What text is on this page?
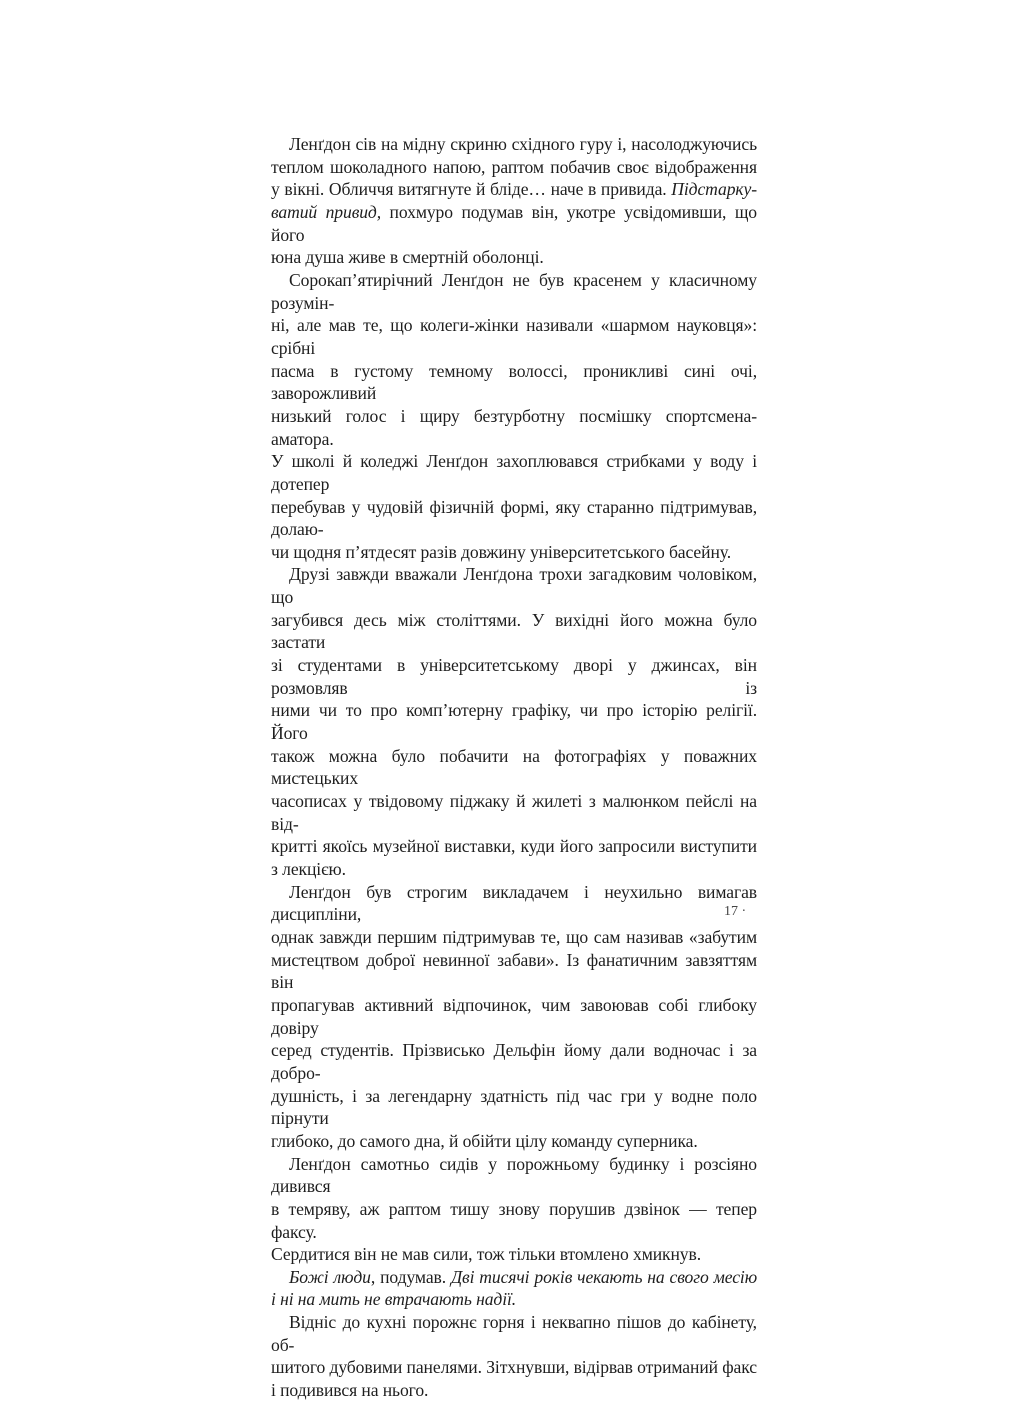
Ленґдон сів на мідну скриню східного гуру і, насолоджуючись
теплом шоколадного напою, раптом побачив своє відображення
у вікні. Обличчя витягнуте й бліде… наче в привида. Підстарку-
ватий привид, похмуро подумав він, укотре усвідомивши, що його
юна душа живе в смертній оболонці.

Сорокап’ятирічний Ленґдон не був красенем у класичному розумін-
ні, але мав те, що колеги-жінки називали «шармом науковця»: срібні
пасма в густому темному волоссі, проникливі сині очі, заворожливий
низький голос і щиру безтурботну посмішку спортсмена-аматора.
У школі й коледжі Ленґдон захоплювався стрибками у воду і дотепер
перебував у чудовій фізичній формі, яку старанно підтримував, долаю-
чи щодня п’ятдесят разів довжину університетського басейну.

Друзі завжди вважали Ленґдона трохи загадковим чоловіком, що
загубився десь між століттями. У вихідні його можна було застати
зі студентами в університетському дворі у джинсах, він розмовляв із
ними чи то про комп’ютерну графіку, чи про історію релігії. Його
також можна було побачити на фотографіях у поважних мистецьких
часописах у твідовому піджаку й жилеті з малюнком пейслі на від-
критті якоїсь музейної виставки, куди його запросили виступити
з лекцією.

Ленґдон був строгим викладачем і неухильно вимагав дисципліни,
однак завжди першим підтримував те, що сам називав «забутим
мистецтвом доброї невинної забави». Із фанатичним завзяттям він
пропагував активний відпочинок, чим завоював собі глибоку довіру
серед студентів. Прізвисько Дельфін йому дали водночас і за добро-
душність, і за легендарну здатність під час гри у водне поло пірнути
глибоко, до самого дна, й обійти цілу команду суперника.

Ленґдон самотньо сидів у порожньому будинку і розсіяно дивився
в темряву, аж раптом тишу знову порушив дзвінок — тепер факсу.
Сердитися він не мав сили, тож тільки втомлено хмикнув.

Божі люди, подумав. Дві тисячі років чекають на свого месію
і ні на мить не втрачають надії.

Відніс до кухні порожнє горня і неквапно пішов до кабінету, об-
шитого дубовими панелями. Зітхнувши, відірвав отриманий факс
і подивився на нього.

17 ·
